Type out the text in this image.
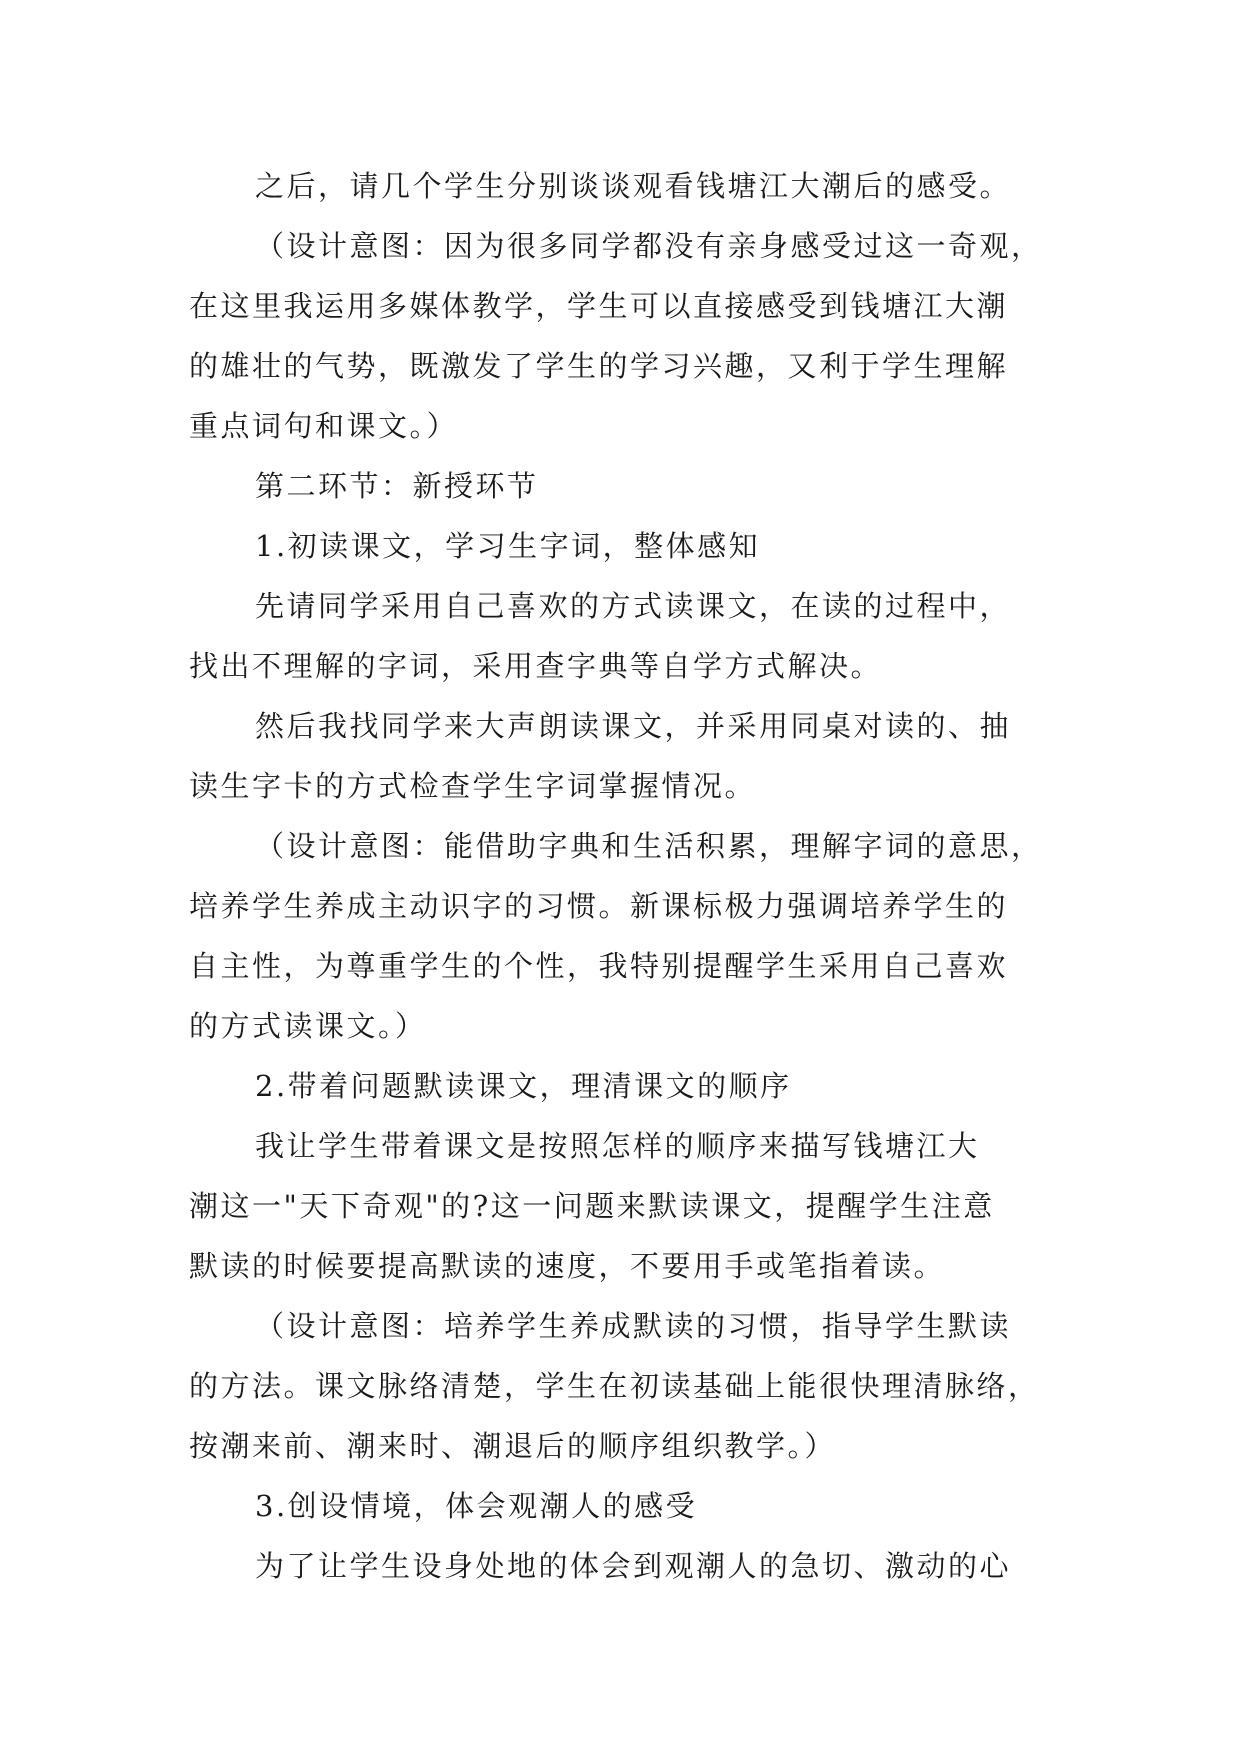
之后，请几个学生分别谈谈观看钱塘江大潮后的感受。
（设计意图：因为很多同学都没有亲身感受过这一奇观，
在这里我运用多媒体教学，学生可以直接感受到钱塘江大潮
的雄壮的气势，既激发了学生的学习兴趣，又利于学生理解
重点词句和课文。）
第二环节：新授环节
1.初读课文，学习生字词，整体感知
先请同学采用自己喜欢的方式读课文，在读的过程中，
找出不理解的字词，采用查字典等自学方式解决。
然后我找同学来大声朗读课文，并采用同桌对读的、抽
读生字卡的方式检查学生字词掌握情况。
（设计意图：能借助字典和生活积累，理解字词的意思，
培养学生养成主动识字的习惯。新课标极力强调培养学生的
自主性，为尊重学生的个性，我特别提醒学生采用自己喜欢
的方式读课文。）
2.带着问题默读课文，理清课文的顺序
我让学生带着课文是按照怎样的顺序来描写钱塘江大
潮这一"天下奇观"的?这一问题来默读课文，提醒学生注意
默读的时候要提高默读的速度，不要用手或笔指着读。
（设计意图：培养学生养成默读的习惯，指导学生默读
的方法。课文脉络清楚，学生在初读基础上能很快理清脉络，
按潮来前、潮来时、潮退后的顺序组织教学。）
3.创设情境，体会观潮人的感受
为了让学生设身处地的体会到观潮人的急切、激动的心
